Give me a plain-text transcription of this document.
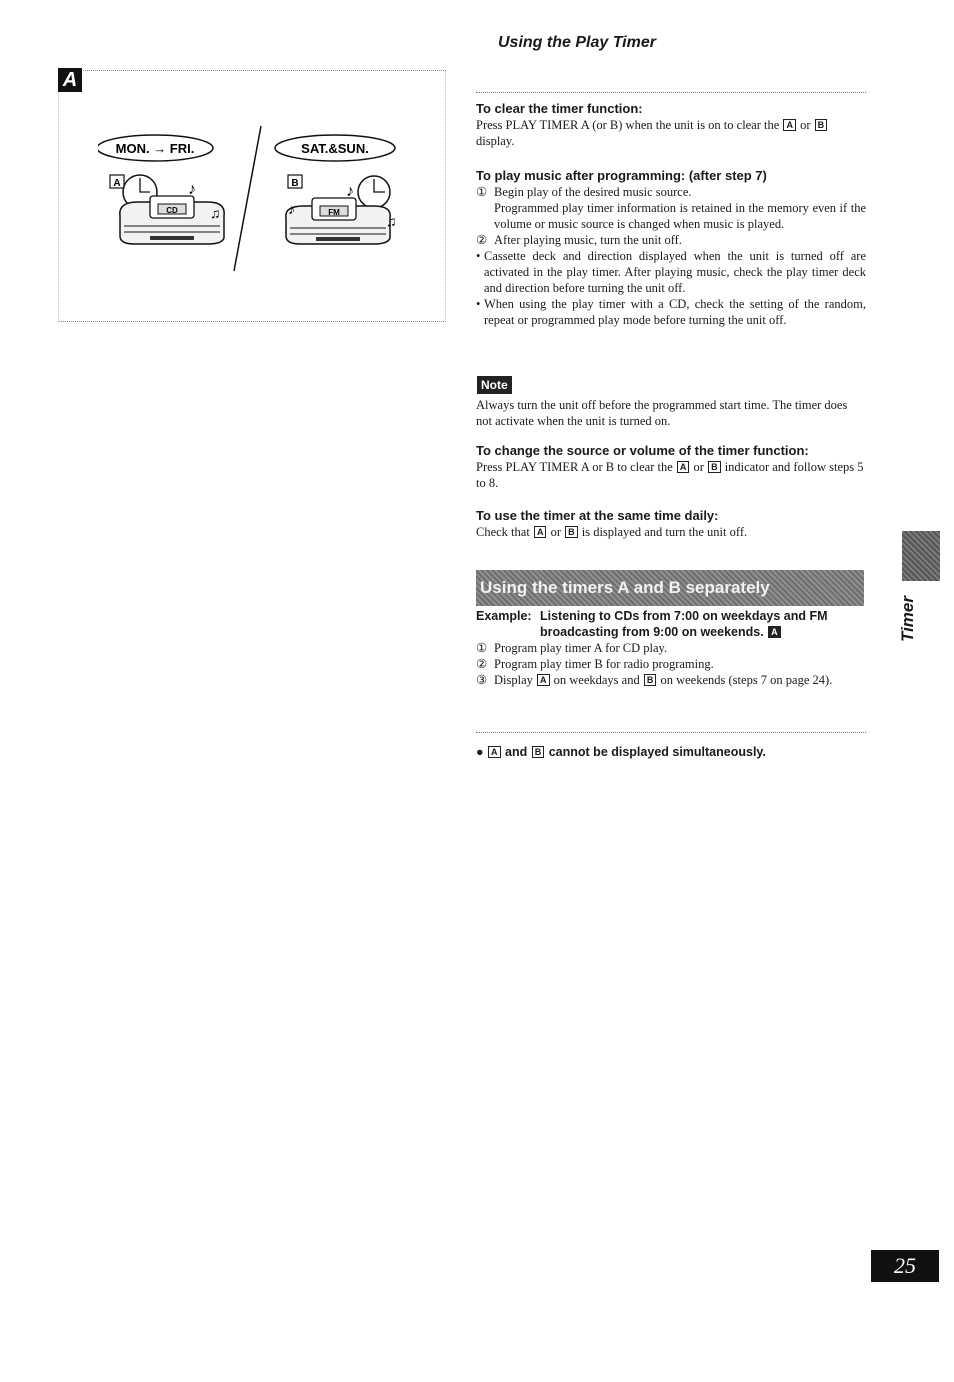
Using the Play Timer
A
MON. → FRI.	SAT.&SUN.
A
CD
♪
♫
B
FM
♪
♪
♫
To clear the timer function:

Press PLAY TIMER A (or B) when the unit is on to clear the A or B display.

To play music after programming: (after step 7)
① Begin play of the desired music source.

Programmed play timer information is retained in the memory even if the volume or music source is changed when music is played.

② After playing music, turn the unit off.
• Cassette deck and direction displayed when the unit is turned off are activated in the play timer. After playing music, check the play timer deck and direction before turning the unit off.
• When using the play timer with a CD, check the setting of the random, repeat or programmed play mode before turning the unit off.
Note
Always turn the unit off before the programmed start time. The timer does not activate when the unit is turned on.
To change the source or volume of the timer function:

Press PLAY TIMER A or B to clear the A or B indicator and follow steps 5 to 8.

To use the timer at the same time daily:

Check that A or B is displayed and turn the unit off.

Using the timers A and B separately
Example: Listening to CDs from 7:00 on weekdays and FM broadcasting from 9:00 on weekends. A
① Program play timer A for CD play.
② Program play timer B for radio programing.
③ Display A on weekdays and B on weekends (steps 7 on page 24).
● A and B cannot be displayed simultaneously.
Timer
25
